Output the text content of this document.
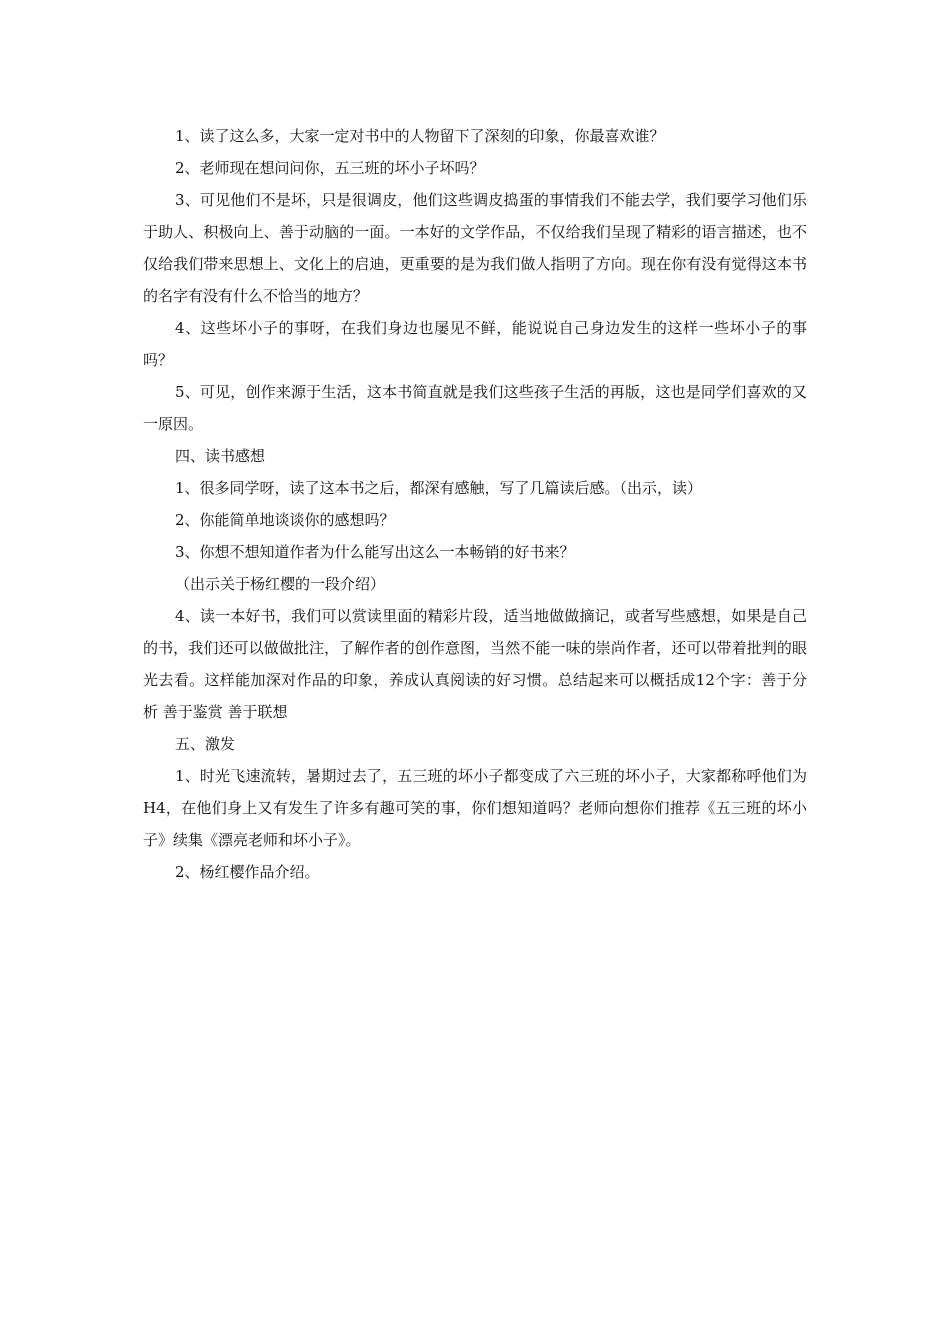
1、读了这么多，大家一定对书中的人物留下了深刻的印象，你最喜欢谁？

2、老师现在想问问你，五三班的坏小子坏吗？

3、可见他们不是坏，只是很调皮，他们这些调皮捣蛋的事情我们不能去学，我们要学习他们乐于助人、积极向上、善于动脑的一面。一本好的文学作品，不仅给我们呈现了精彩的语言描述，也不仅给我们带来思想上、文化上的启迪，更重要的是为我们做人指明了方向。现在你有没有觉得这本书的名字有没有什么不恰当的地方？

4、这些坏小子的事呀，在我们身边也屡见不鲜，能说说自己身边发生的这样一些坏小子的事吗？

5、可见，创作来源于生活，这本书简直就是我们这些孩子生活的再版，这也是同学们喜欢的又一原因。

四、读书感想

1、很多同学呀，读了这本书之后，都深有感触，写了几篇读后感。（出示，读）

2、你能简单地谈谈你的感想吗？

3、你想不想知道作者为什么能写出这么一本畅销的好书来？

（出示关于杨红樱的一段介绍）

4、读一本好书，我们可以赏读里面的精彩片段，适当地做做摘记，或者写些感想，如果是自己的书，我们还可以做做批注，了解作者的创作意图，当然不能一味的崇尚作者，还可以带着批判的眼光去看。这样能加深对作品的印象，养成认真阅读的好习惯。总结起来可以概括成12个字：善于分析 善于鉴赏 善于联想

五、激发

1、时光飞速流转，暑期过去了，五三班的坏小子都变成了六三班的坏小子，大家都称呼他们为H4，在他们身上又有发生了许多有趣可笑的事，你们想知道吗？老师向想你们推荐《五三班的坏小子》续集《漂亮老师和坏小子》。

2、杨红樱作品介绍。
